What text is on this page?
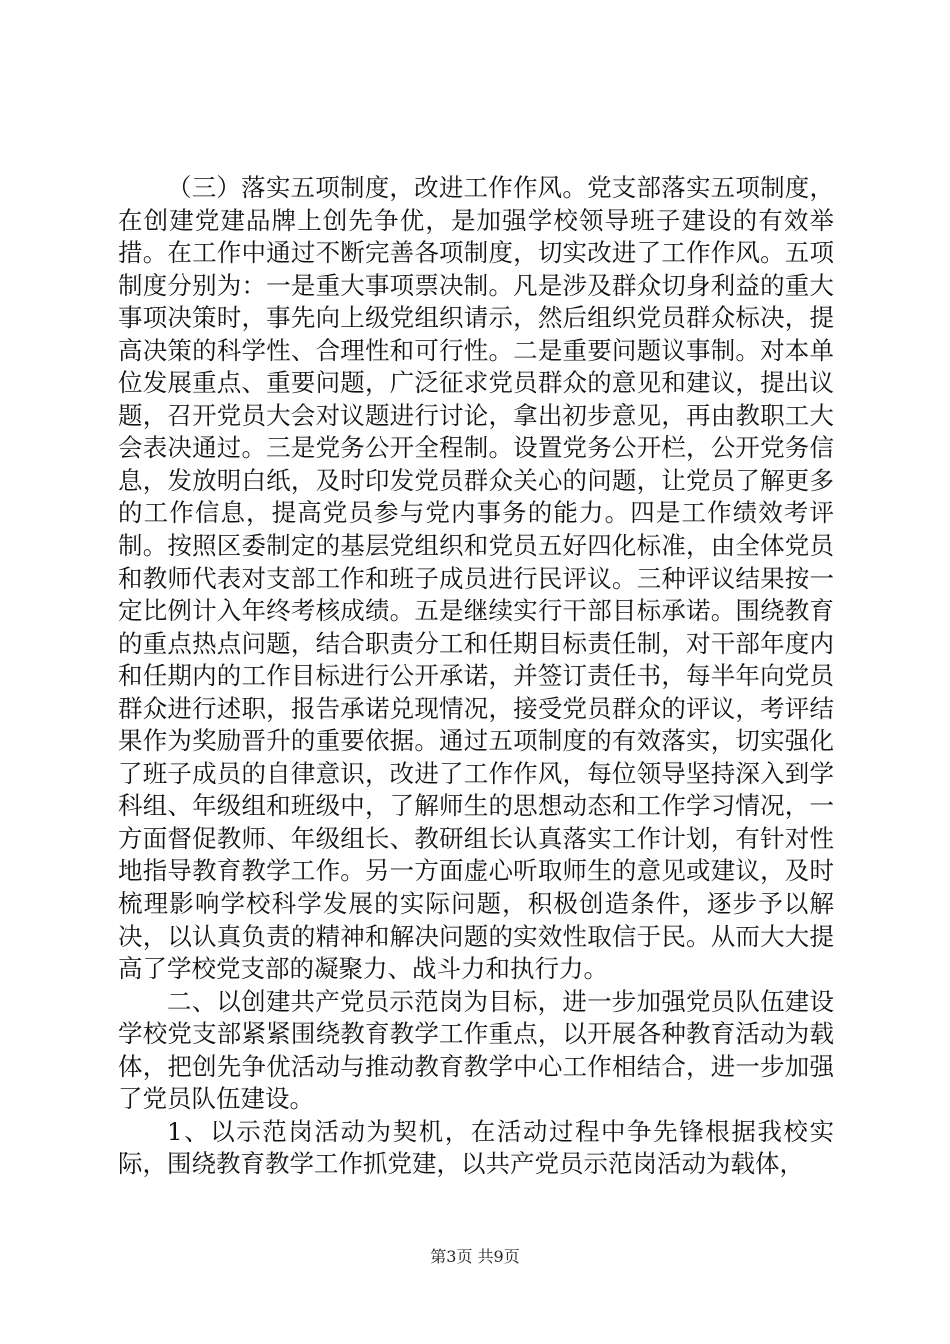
（三）落实五项制度，改进工作作风。党支部落实五项制度，在创建党建品牌上创先争优，是加强学校领导班子建设的有效举措。在工作中通过不断完善各项制度，切实改进了工作作风。五项制度分别为：一是重大事项票决制。凡是涉及群众切身利益的重大事项决策时，事先向上级党组织请示，然后组织党员群众标决，提高决策的科学性、合理性和可行性。二是重要问题议事制。对本单位发展重点、重要问题，广泛征求党员群众的意见和建议，提出议题，召开党员大会对议题进行讨论，拿出初步意见，再由教职工大会表决通过。三是党务公开全程制。设置党务公开栏，公开党务信息，发放明白纸，及时印发党员群众关心的问题，让党员了解更多的工作信息，提高党员参与党内事务的能力。四是工作绩效考评制。按照区委制定的基层党组织和党员五好四化标准，由全体党员和教师代表对支部工作和班子成员进行民评议。三种评议结果按一定比例计入年终考核成绩。五是继续实行干部目标承诺。围绕教育的重点热点问题，结合职责分工和任期目标责任制，对干部年度内和任期内的工作目标进行公开承诺，并签订责任书，每半年向党员群众进行述职，报告承诺兑现情况，接受党员群众的评议，考评结果作为奖励晋升的重要依据。通过五项制度的有效落实，切实强化了班子成员的自律意识，改进了工作作风，每位领导坚持深入到学科组、年级组和班级中，了解师生的思想动态和工作学习情况，一方面督促教师、年级组长、教研组长认真落实工作计划，有针对性地指导教育教学工作。另一方面虚心听取师生的意见或建议，及时梳理影响学校科学发展的实际问题，积极创造条件，逐步予以解决，以认真负责的精神和解决问题的实效性取信于民。从而大大提高了学校党支部的凝聚力、战斗力和执行力。

二、以创建共产党员示范岗为目标，进一步加强党员队伍建设学校党支部紧紧围绕教育教学工作重点，以开展各种教育活动为载体，把创先争优活动与推动教育教学中心工作相结合，进一步加强了党员队伍建设。

1、以示范岗活动为契机，在活动过程中争先锋根据我校实际，围绕教育教学工作抓党建，以共产党员示范岗活动为载体，

第3页 共9页
